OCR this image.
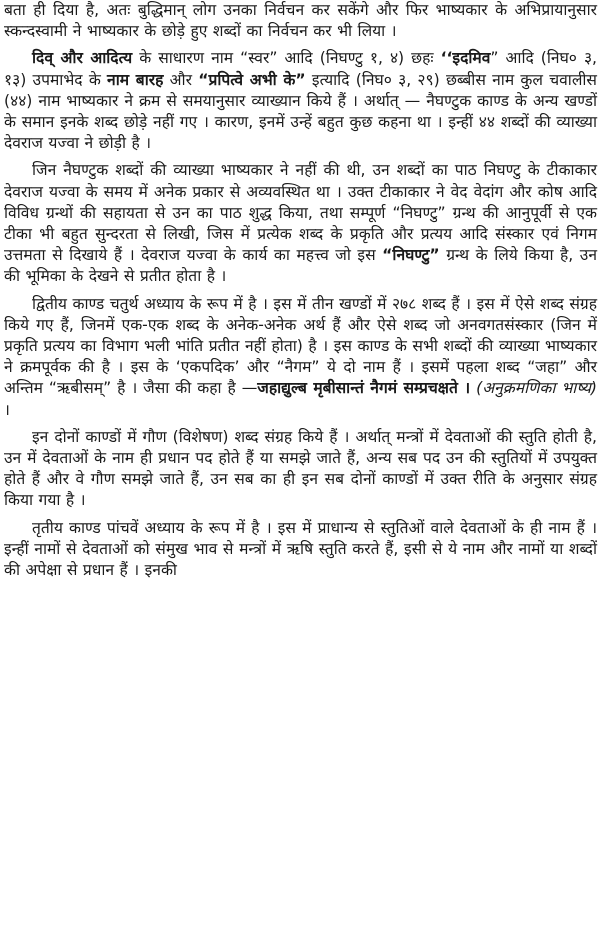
बता ही दिया है, अतः बुद्धिमान् लोग उनका निर्वचन कर सकेंगे और फिर भाष्यकार के अभिप्रायानुसार स्कन्दस्वामी ने भाष्यकार के छोड़े हुए शब्दों का निर्वचन कर भी लिया ।

दिव् और आदित्य के साधारण नाम “स्वर” आदि (निघण्टु १, ४) छहः ‘‘इदमिव” आदि (निघ० ३, १३) उपमाभेद के नाम बारह और “प्रपित्वे अभी के” इत्यादि (निघ० ३, २९) छब्बीस नाम कुल चवालीस (४४) नाम भाष्यकार ने क्रम से समयानुसार व्याख्यान किये हैं । अर्थात् — नैघण्टुक काण्ड के अन्य खण्डों के समान इनके शब्द छोड़े नहीं गए । कारण, इनमें उन्हें बहुत कुछ कहना था । इन्हीं ४४ शब्दों की व्याख्या देवराज यज्वा ने छोड़ी है ।

जिन नैघण्टुक शब्दों की व्याख्या भाष्यकार ने नहीं की थी, उन शब्दों का पाठ निघण्टु के टीकाकार देवराज यज्वा के समय में अनेक प्रकार से अव्यवस्थित था । उक्त टीकाकार ने वेद वेदांग और कोष आदि विविध ग्रन्थों की सहायता से उन का पाठ शुद्ध किया, तथा सम्पूर्ण “निघण्टु” ग्रन्थ की आनुपूर्वी से एक टीका भी बहुत सुन्दरता से लिखी, जिस में प्रत्येक शब्द के प्रकृति और प्रत्यय आदि संस्कार एवं निगम उत्तमता से दिखाये हैं । देवराज यज्वा के कार्य का महत्त्व जो इस “निघण्टु” ग्रन्थ के लिये किया है, उन की भूमिका के देखने से प्रतीत होता है ।

द्वितीय काण्ड चतुर्थ अध्याय के रूप में है । इस में तीन खण्डों में २७८ शब्द हैं । इस में ऐसे शब्द संग्रह किये गए हैं, जिनमें एक-एक शब्द के अनेक-अनेक अर्थ हैं और ऐसे शब्द जो अनवगतसंस्कार (जिन में प्रकृति प्रत्यय का विभाग भली भांति प्रतीत नहीं होता) है । इस काण्ड के सभी शब्दों की व्याख्या भाष्यकार ने क्रमपूर्वक की है । इस के ‘एकपदिक’ और “नैगम” ये दो नाम हैं । इसमें पहला शब्द “जहा” और अन्तिम “ऋबीसम्” है । जैसा की कहा है —जहाद्युल्ब मृबीसान्तं नैगमं सम्प्रचक्षते । (अनुक्रमणिका भाष्य) ।

इन दोनों काण्डों में गौण (विशेषण) शब्द संग्रह किये हैं । अर्थात् मन्त्रों में देवताओं की स्तुति होती है, उन में देवताओं के नाम ही प्रधान पद होते हैं या समझे जाते हैं, अन्य सब पद उन की स्तुतियों में उपयुक्त होते हैं और वे गौण समझे जाते हैं, उन सब का ही इन सब दोनों काण्डों में उक्त रीति के अनुसार संग्रह किया गया है ।

तृतीय काण्ड पांचवें अध्याय के रूप में है । इस में प्राधान्य से स्तुतिओं वाले देवताओं के ही नाम हैं । इन्हीं नामों से देवताओं को संमुख भाव से मन्त्रों में ऋषि स्तुति करते हैं, इसी से ये नाम और नामों या शब्दों की अपेक्षा से प्रधान हैं । इनकी
